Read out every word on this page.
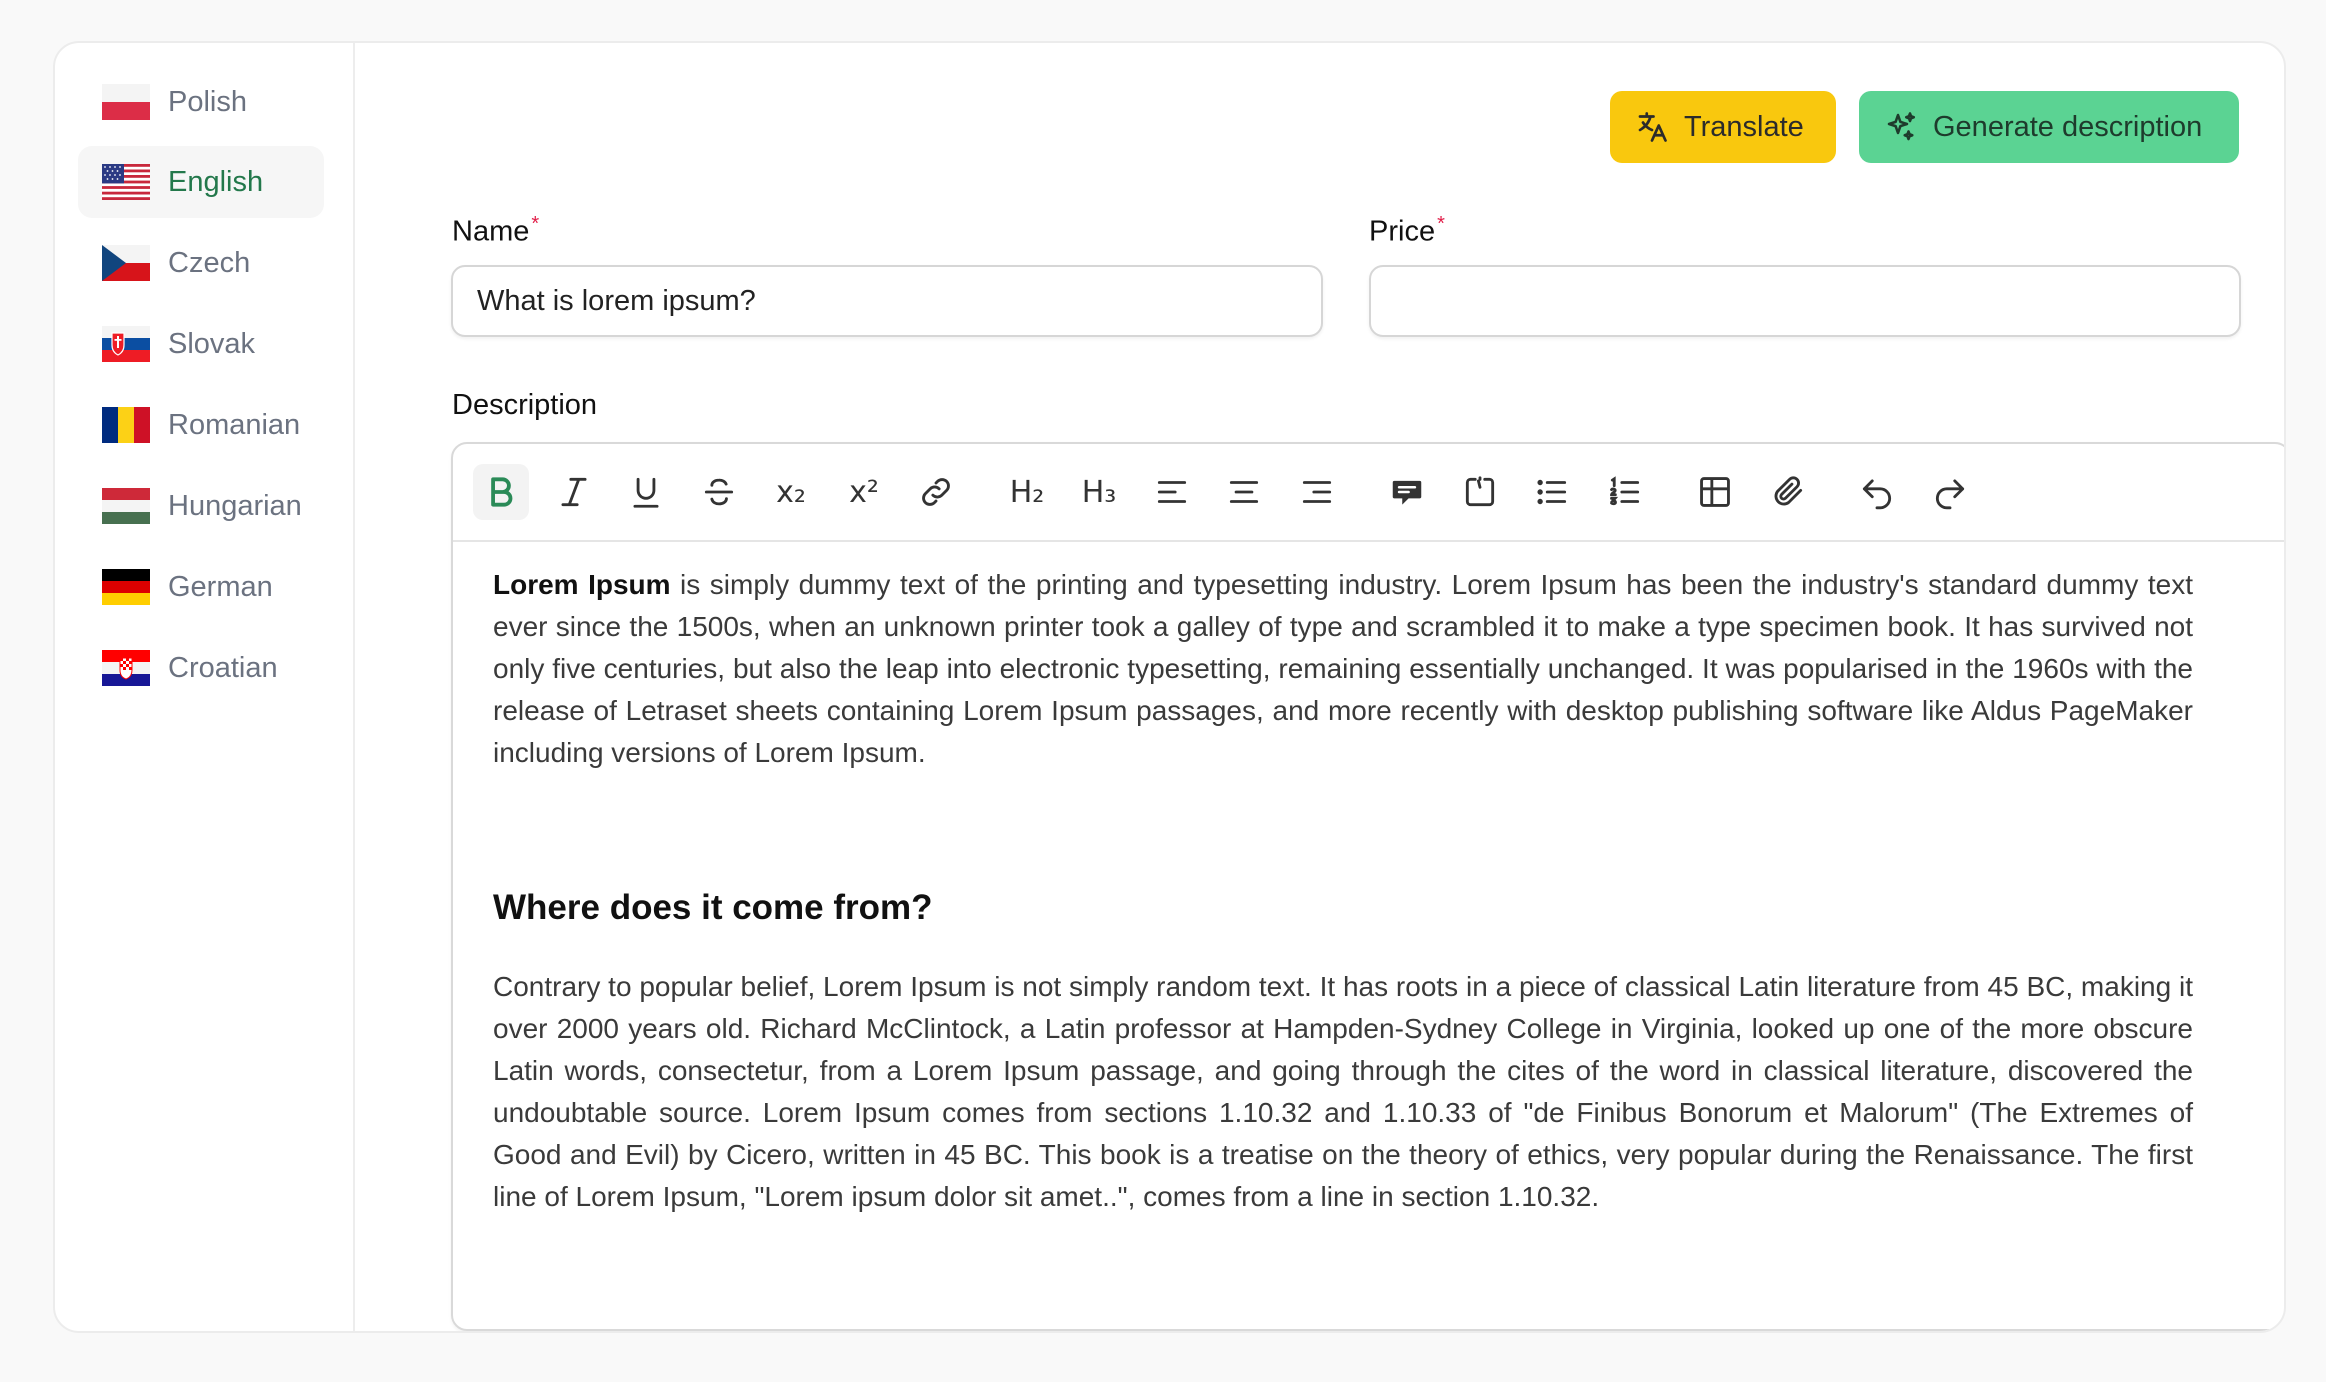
Polish
English
Czech
Slovak
Romanian
Hungarian
German
Croatian
Translate	Generate description
Name *
What is lorem ipsum?	Price *
Description
x₂ x²	H₂ H₃

Lorem Ipsum is simply dummy text of the printing and typesetting industry. Lorem Ipsum has been the industry's standard dummy text ever since the 1500s, when an unknown printer took a galley of type and scrambled it to make a type specimen book. It has survived not only five centuries, but also the leap into electronic typesetting, remaining essentially unchanged. It was popularised in the 1960s with the release of Letraset sheets containing Lorem Ipsum passages, and more recently with desktop publishing software like Aldus PageMaker including versions of Lorem Ipsum.

Where does it come from?

Contrary to popular belief, Lorem Ipsum is not simply random text. It has roots in a piece of classical Latin literature from 45 BC, making it over 2000 years old. Richard McClintock, a Latin professor at Hampden-Sydney College in Virginia, looked up one of the more obscure Latin words, consectetur, from a Lorem Ipsum passage, and going through the cites of the word in classical literature, discovered the undoubtable source. Lorem Ipsum comes from sections 1.10.32 and 1.10.33 of "de Finibus Bonorum et Malorum" (The Extremes of Good and Evil) by Cicero, written in 45 BC. This book is a treatise on the theory of ethics, very popular during the Renaissance. The first line of Lorem Ipsum, "Lorem ipsum dolor sit amet..", comes from a line in section 1.10.32.
